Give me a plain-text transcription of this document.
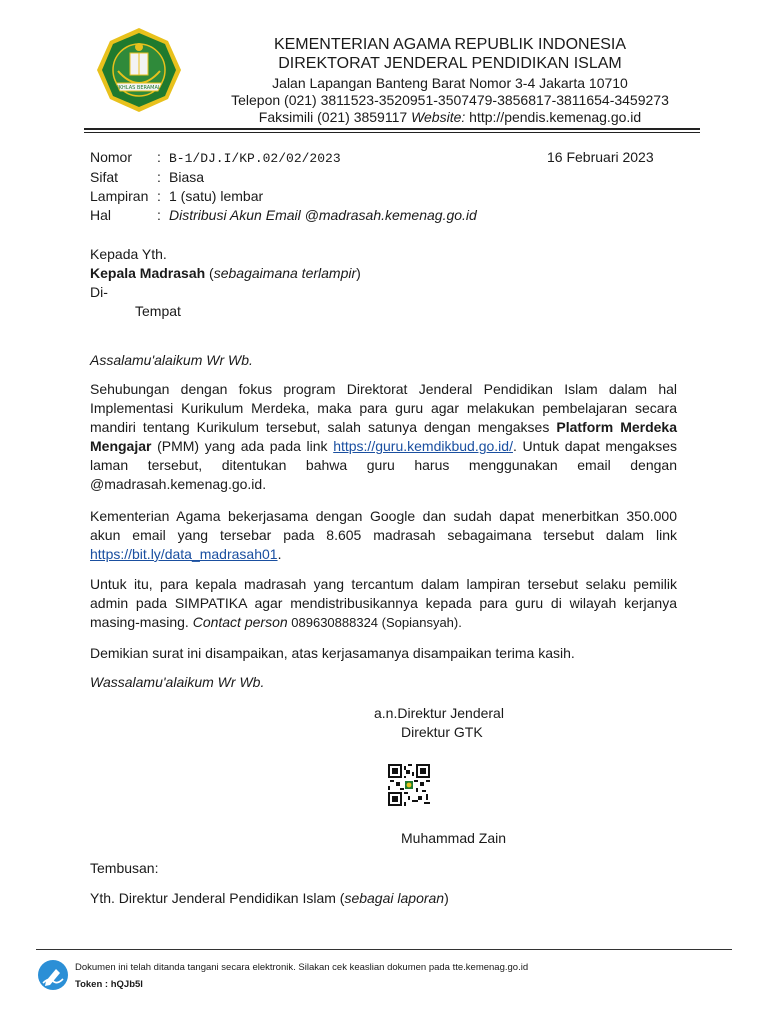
IKHLAS BERAMAL
KEMENTERIAN AGAMA REPUBLIK INDONESIA
DIREKTORAT JENDERAL PENDIDIKAN ISLAM
Jalan Lapangan Banteng Barat Nomor 3-4 Jakarta 10710
Telepon (021) 3811523-3520951-3507479-3856817-3811654-3459273
Faksimili (021) 3859117 Website: http://pendis.kemenag.go.id
Nomor : B-1/DJ.I/KP.02/02/2023	16 Februari 2023
Sifat	: Biasa
Lampiran : 1 (satu) lembar
Hal	: Distribusi Akun Email @madrasah.kemenag.go.id
Kepada Yth.
Kepala Madrasah (sebagaimana terlampir)
Di-
Tempat
Assalamu'alaikum Wr Wb.
Sehubungan dengan fokus program Direktorat Jenderal Pendidikan Islam dalam hal Implementasi Kurikulum Merdeka, maka para guru agar melakukan pembelajaran secara mandiri tentang Kurikulum tersebut, salah satunya dengan mengakses Platform Merdeka Mengajar (PMM) yang ada pada link https://guru.kemdikbud.go.id/. Untuk dapat mengakses laman tersebut, ditentukan bahwa guru harus menggunakan email dengan @madrasah.kemenag.go.id.
Kementerian Agama bekerjasama dengan Google dan sudah dapat menerbitkan 350.000 akun email yang tersebar pada 8.605 madrasah sebagaimana tersebut dalam link https://bit.ly/data_madrasah01.
Untuk itu, para kepala madrasah yang tercantum dalam lampiran tersebut selaku pemilik admin pada SIMPATIKA agar mendistribusikannya kepada para guru di wilayah kerjanya masing-masing. Contact person 089630888324 (Sopiansyah).
Demikian surat ini disampaikan, atas kerjasamanya disampaikan terima kasih.
Wassalamu'alaikum Wr Wb.
a.n.Direktur Jenderal
Direktur GTK
Muhammad Zain
Tembusan:
Yth. Direktur Jenderal Pendidikan Islam (sebagai laporan)
Dokumen ini telah ditanda tangani secara elektronik. Silakan cek keaslian dokumen pada tte.kemenag.go.id
Token : hQJb5l
